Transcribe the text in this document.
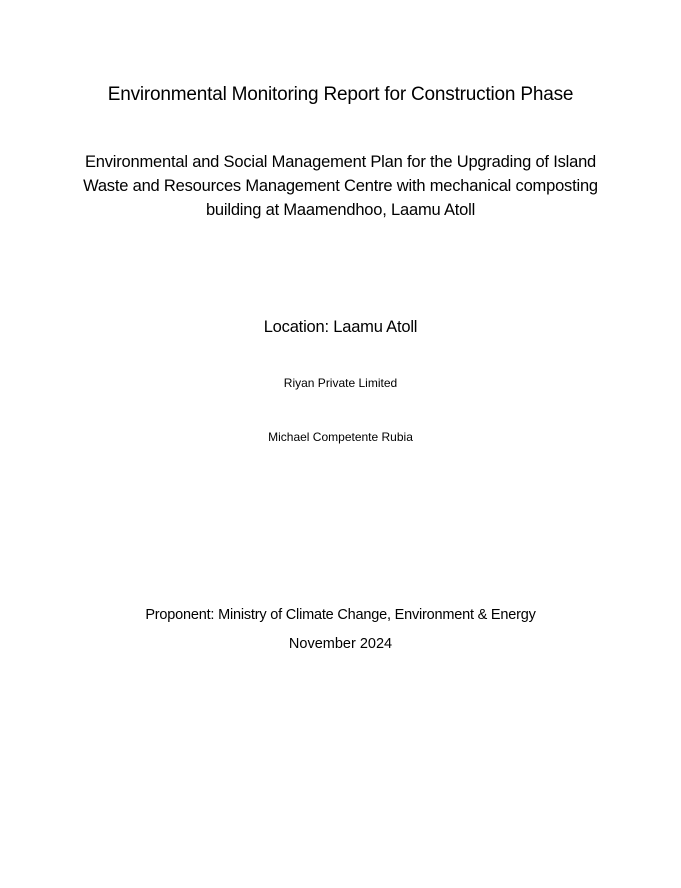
Environmental Monitoring Report for Construction Phase
Environmental and Social Management Plan for the Upgrading of Island Waste and Resources Management Centre with mechanical composting building at Maamendhoo, Laamu Atoll
Location: Laamu Atoll
Riyan Private Limited
Michael Competente Rubia
Proponent: Ministry of Climate Change, Environment & Energy
November 2024
